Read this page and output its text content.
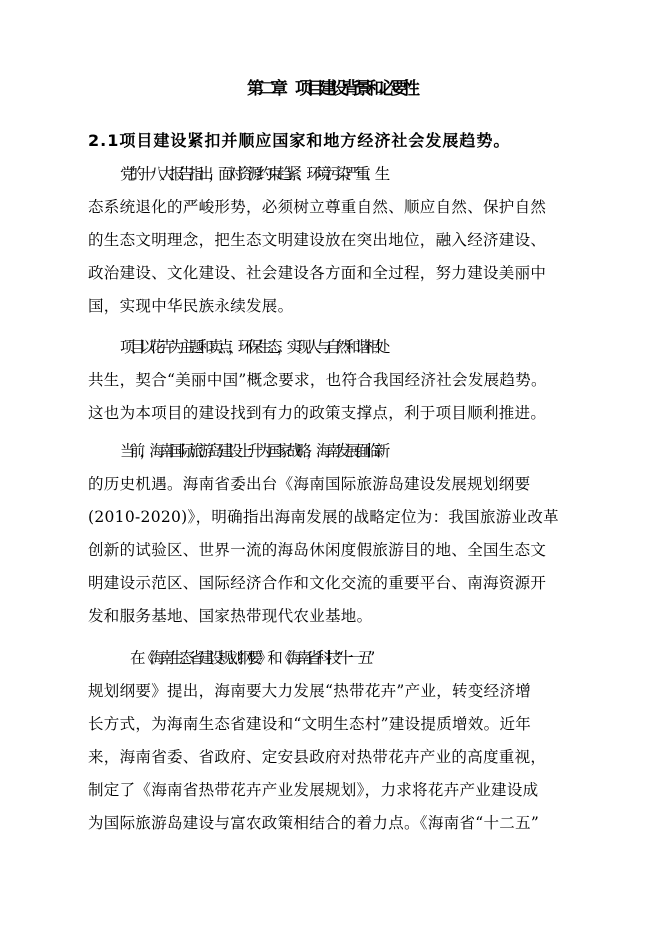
第二章　项目建设背景和必要性
2.1项目建设紧扣并顺应国家和地方经济社会发展趋势。
党的十八大报告指出，面对资源约束趋紧、环境污染严重、生
态系统退化的严峻形势，必须树立尊重自然、顺应自然、保护自然
的生态文明理念，把生态文明建设放在突出地位，融入经济建设、
政治建设、文化建设、社会建设各方面和全过程，努力建设美丽中
国，实现中华民族永续发展。
项目以花卉为主题和卖点，环保生态，实现人与自然和谐相处
共生，契合“美丽中国”概念要求，也符合我国经济社会发展趋势。
这也为本项目的建设找到有力的政策支撑点，利于项目顺利推进。
当前，海南国际旅游岛建设上升为国家战略，海南发展面临新
的历史机遇。海南省委出台《海南国际旅游岛建设发展规划纲要
(2010-2020)》，明确指出海南发展的战略定位为：我国旅游业改革
创新的试验区、世界一流的海岛休闲度假旅游目的地、全国生态文
明建设示范区、国际经济合作和文化交流的重要平台、南海资源开
发和服务基地、国家热带现代农业基地。
在《海南生态省建设规划纲要》和《海南省科技“十一五”
规划纲要》提出，海南要大力发展“热带花卉”产业，转变经济增
长方式，为海南生态省建设和“文明生态村”建设提质增效。近年
来，海南省委、省政府、定安县政府对热带花卉产业的高度重视，
制定了《海南省热带花卉产业发展规划》，力求将花卉产业建设成
为国际旅游岛建设与富农政策相结合的着力点。《海南省“十二五”
